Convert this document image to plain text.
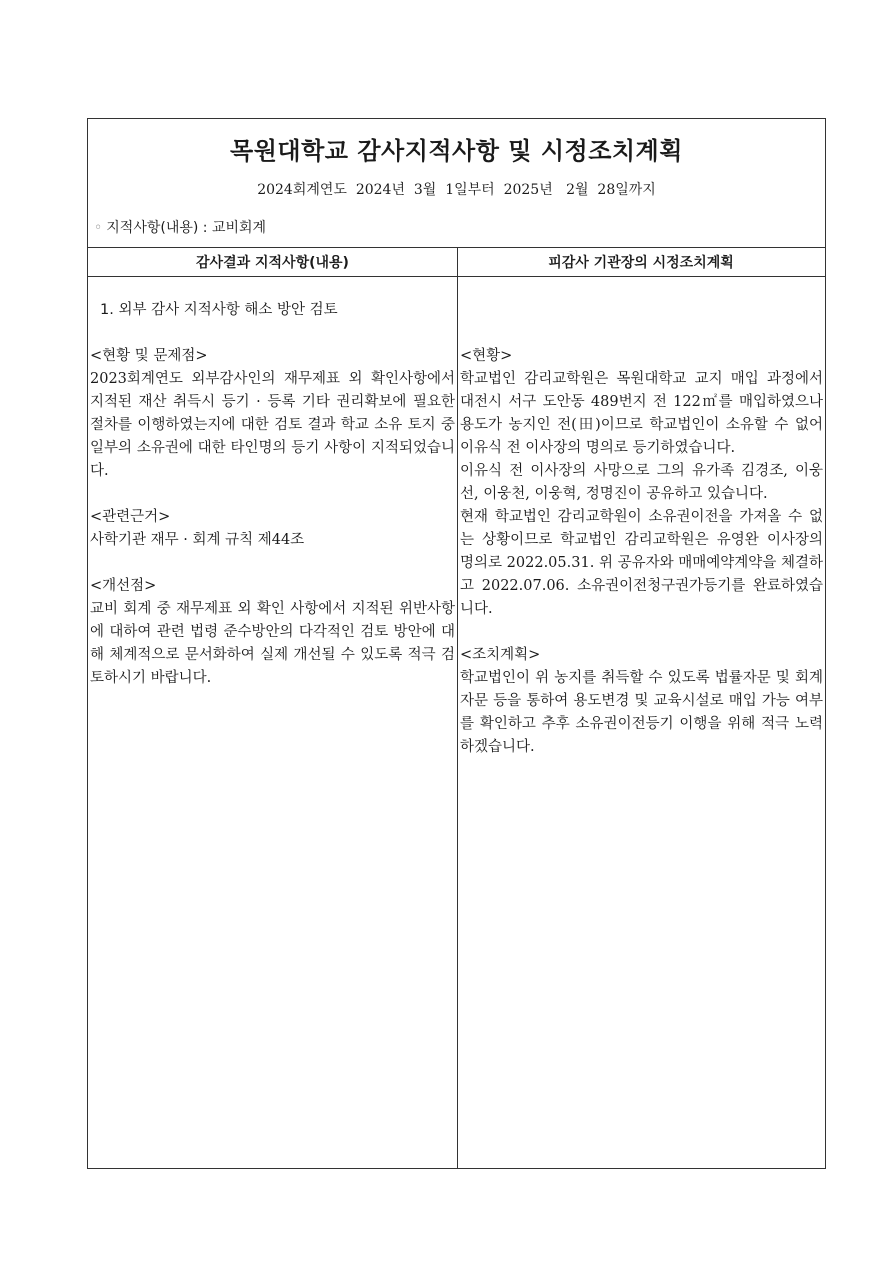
목원대학교 감사지적사항 및 시정조치계획
2024회계연도  2024년  3월  1일부터  2025년   2월  28일까지
◦ 지적사항(내용) : 교비회계
감사결과 지적사항(내용)	피감사 기관장의 시정조치계획

1. 외부 감사 지적사항 해소 방안 검토

<현황 및 문제점>

2023회계연도 외부감사인의 재무제표 외 확인사항에서 지적된 재산 취득시 등기 · 등록 기타 권리확보에 필요한 절차를 이행하였는지에 대한 검토 결과 학교 소유 토지 중 일부의 소유권에 대한 타인명의 등기 사항이 지적되었습니다.

<관련근거>

사학기관 재무 · 회계 규칙 제44조

<개선점>

교비 회계 중 재무제표 외 확인 사항에서 지적된 위반사항에 대하여 관련 법령 준수방안의 다각적인 검토 방안에 대해 체계적으로 문서화하여 실제 개선될 수 있도록 적극 검토하시기 바랍니다.

<현황>

학교법인 감리교학원은 목원대학교 교지 매입 과정에서 대전시 서구 도안동 489번지 전 122㎡를 매입하였으나 용도가 농지인 전(田)이므로 학교법인이 소유할 수 없어 이유식 전 이사장의 명의로 등기하였습니다.

이유식 전 이사장의 사망으로 그의 유가족 김경조, 이웅선, 이웅천, 이웅혁, 정명진이 공유하고 있습니다.

현재 학교법인 감리교학원이 소유권이전을 가져올 수 없는 상황이므로 학교법인 감리교학원은 유영완 이사장의 명의로 2022.05.31. 위 공유자와 매매예약계약을 체결하고 2022.07.06. 소유권이전청구권가등기를 완료하였습니다.

<조치계획>

학교법인이 위 농지를 취득할 수 있도록 법률자문 및 회계자문 등을 통하여 용도변경 및 교육시설로 매입 가능 여부를 확인하고 추후 소유권이전등기 이행을 위해 적극 노력하겠습니다.
